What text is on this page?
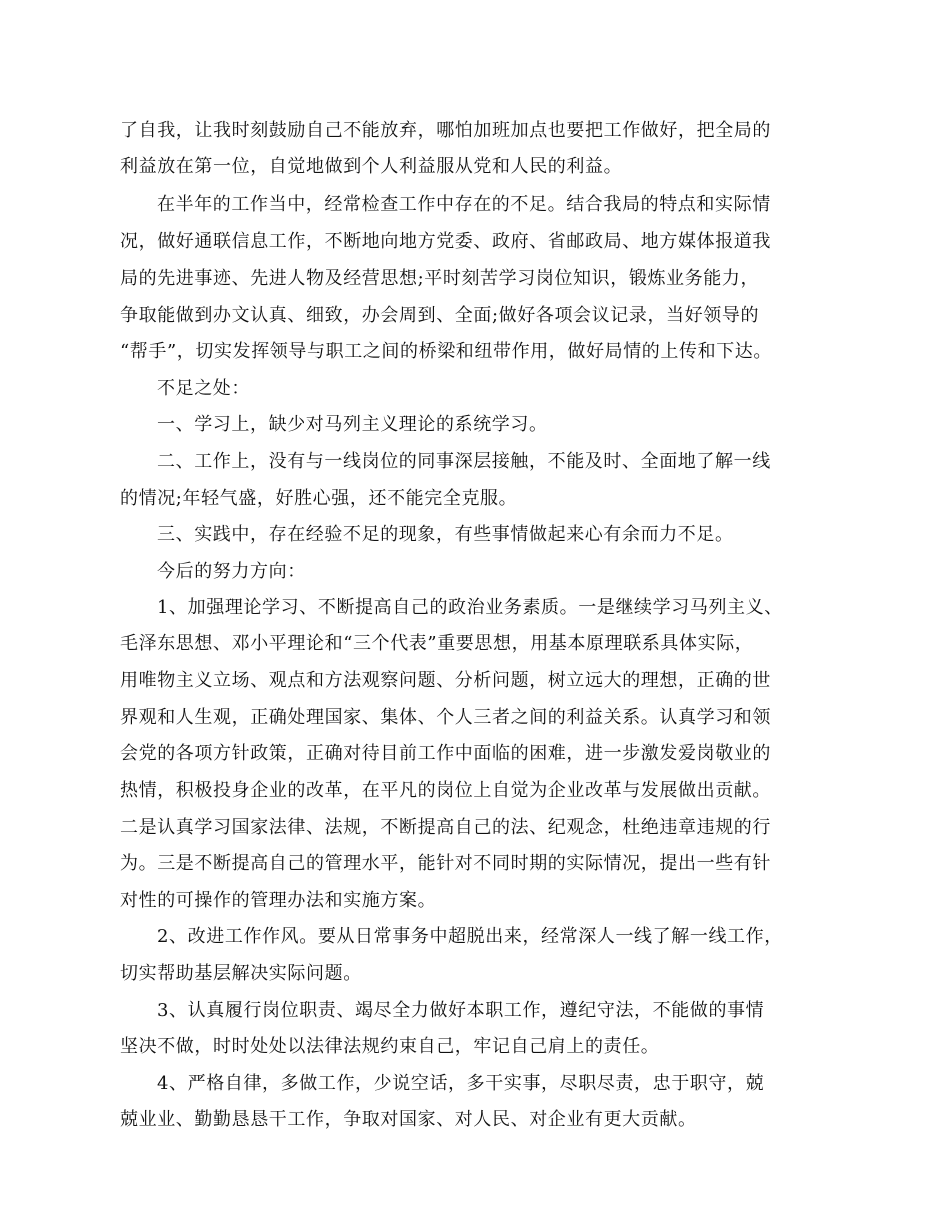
了自我，让我时刻鼓励自己不能放弃，哪怕加班加点也要把工作做好，把全局的
利益放在第一位，自觉地做到个人利益服从党和人民的利益。
在半年的工作当中，经常检查工作中存在的不足。结合我局的特点和实际情
况，做好通联信息工作，不断地向地方党委、政府、省邮政局、地方媒体报道我
局的先进事迹、先进人物及经营思想;平时刻苦学习岗位知识，锻炼业务能力，
争取能做到办文认真、细致，办会周到、全面;做好各项会议记录，当好领导的
“帮手”，切实发挥领导与职工之间的桥梁和纽带作用，做好局情的上传和下达。
不足之处：
一、学习上，缺少对马列主义理论的系统学习。
二、工作上，没有与一线岗位的同事深层接触，不能及时、全面地了解一线
的情况;年轻气盛，好胜心强，还不能完全克服。
三、实践中，存在经验不足的现象，有些事情做起来心有余而力不足。
今后的努力方向：
1、加强理论学习、不断提高自己的政治业务素质。一是继续学习马列主义、
毛泽东思想、邓小平理论和“三个代表”重要思想，用基本原理联系具体实际，
用唯物主义立场、观点和方法观察问题、分析问题，树立远大的理想，正确的世
界观和人生观，正确处理国家、集体、个人三者之间的利益关系。认真学习和领
会党的各项方针政策，正确对待目前工作中面临的困难，进一步激发爱岗敬业的
热情，积极投身企业的改革，在平凡的岗位上自觉为企业改革与发展做出贡献。
二是认真学习国家法律、法规，不断提高自己的法、纪观念，杜绝违章违规的行
为。三是不断提高自己的管理水平，能针对不同时期的实际情况，提出一些有针
对性的可操作的管理办法和实施方案。
2、改进工作作风。要从日常事务中超脱出来，经常深人一线了解一线工作，
切实帮助基层解决实际问题。
3、认真履行岗位职责、竭尽全力做好本职工作，遵纪守法，不能做的事情
坚决不做，时时处处以法律法规约束自己，牢记自己肩上的责任。
4、严格自律，多做工作，少说空话，多干实事，尽职尽责，忠于职守，兢
兢业业、勤勤恳恳干工作，争取对国家、对人民、对企业有更大贡献。
